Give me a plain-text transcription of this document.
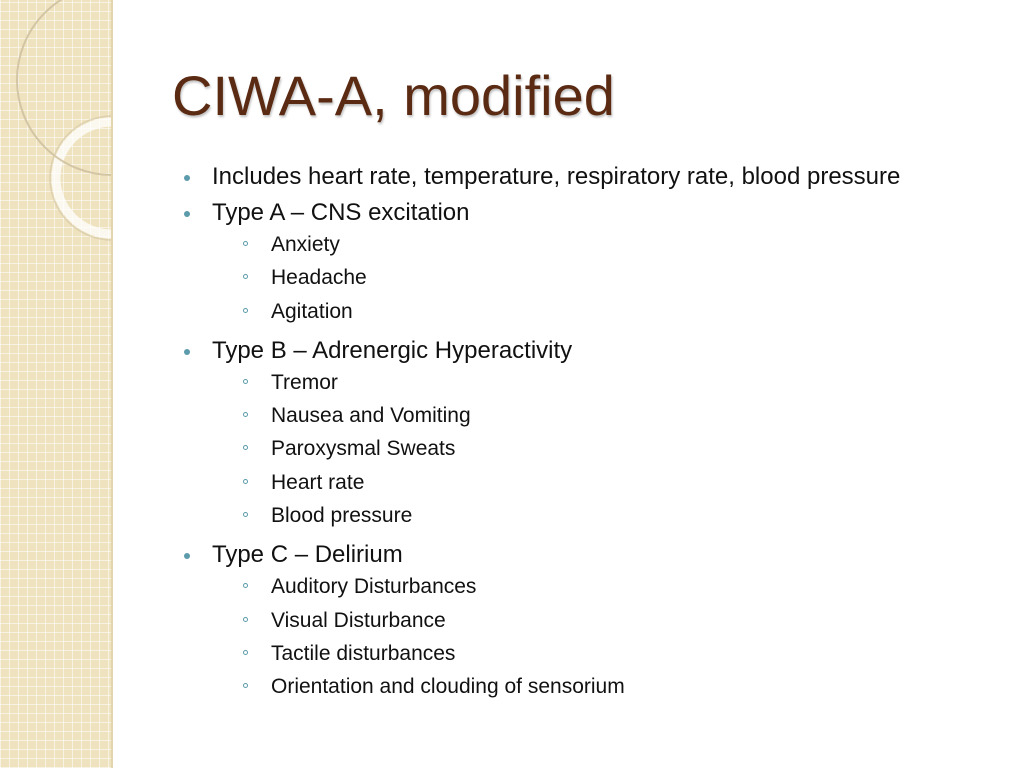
CIWA-A, modified
Includes heart rate, temperature, respiratory rate, blood pressure
Type A – CNS excitation
Anxiety
Headache
Agitation
Type B – Adrenergic Hyperactivity
Tremor
Nausea and Vomiting
Paroxysmal Sweats
Heart rate
Blood pressure
Type C – Delirium
Auditory Disturbances
Visual Disturbance
Tactile disturbances
Orientation and clouding of sensorium
